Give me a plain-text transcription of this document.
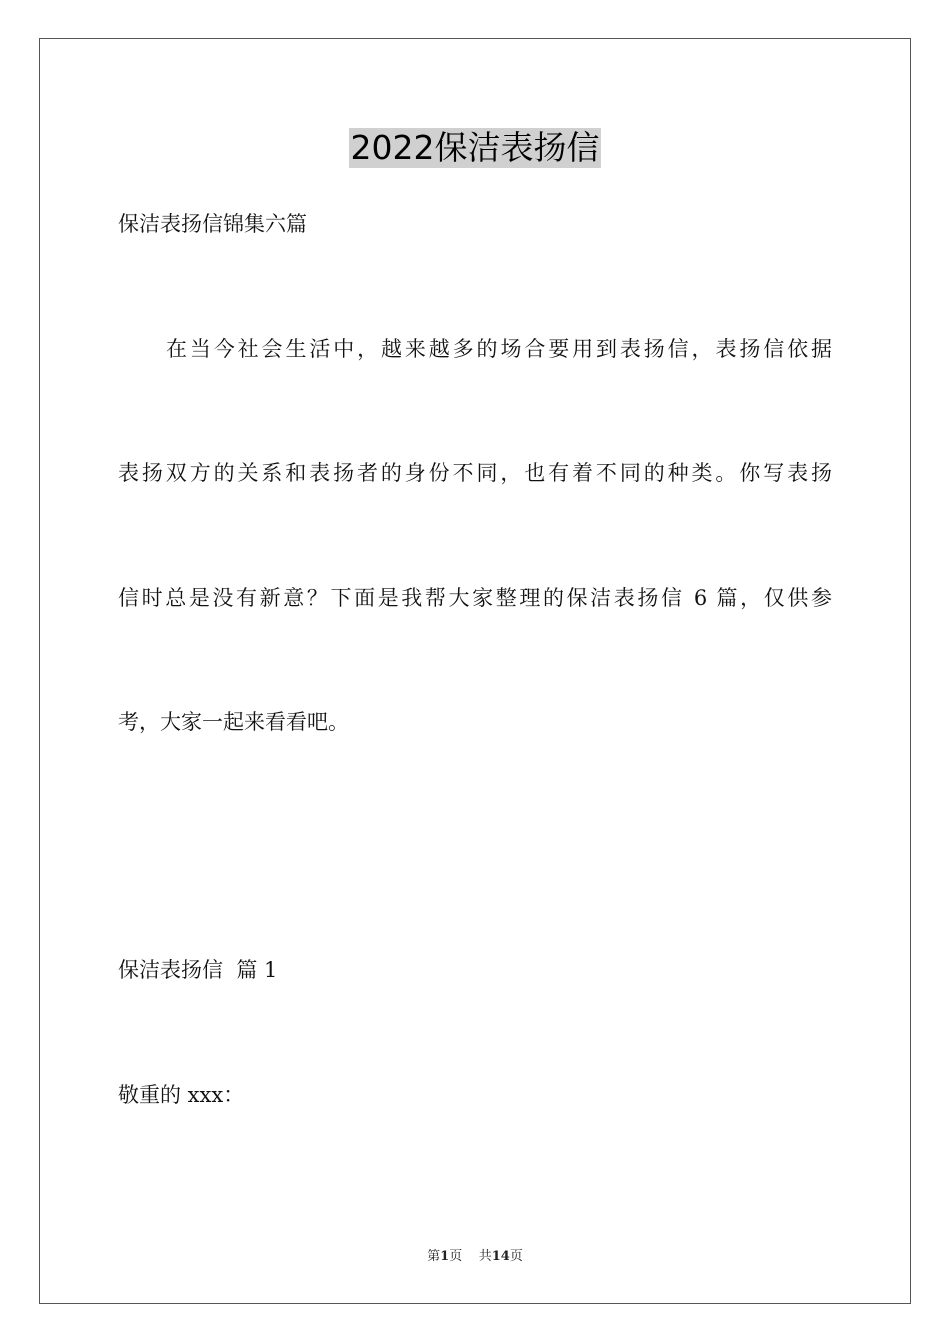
2022保洁表扬信
保洁表扬信锦集六篇
在当今社会生活中，越来越多的场合要用到表扬信，表扬信依据
表扬双方的关系和表扬者的身份不同，也有着不同的种类。你写表扬
信时总是没有新意？下面是我帮大家整理的保洁表扬信 6 篇，仅供参
考，大家一起来看看吧。
保洁表扬信  篇 1
敬重的 xxx：
第1页 共14页
